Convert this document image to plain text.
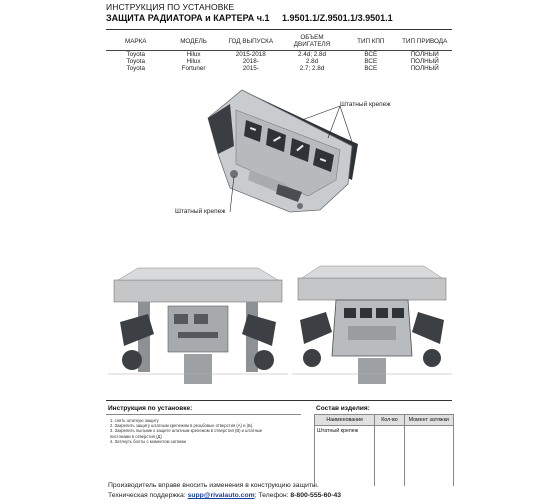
ИНСТРУКЦИЯ ПО УСТАНОВКЕ
ЗАЩИТА РАДИАТОРА и КАРТЕРА ч.1 1.9501.1/Z.9501.1/3.9501.1
МАРКА	МОДЕЛЬ	ГОД ВЫПУСКА	ОБЪЕМ ДВИГАТЕЛЯ	ТИП КПП	ТИП ПРИВОДА
Toyota	Hilux	2015-2018	2.4d; 2.8d	ВСЕ	ПОЛНЫЙ
Toyota	Hilux	2018-	2.8d	ВСЕ	ПОЛНЫЙ
Toyota	Fortuner	2015-	2.7; 2.8d	ВСЕ	ПОЛНЫЙ
Штатный крепеж
Штатный крепеж
Инструкция по установке:
1. снять штатную защиту
2. Закрепить защиту штатным крепежом в резьбовые отверстия (А) и (Б).
3. Закрепить пыльник к защите штатным крепежом в отверстия (В) и штатные
пистонами в отверстия (Д)
4. Затянуть болты с моментом затяжки
Состав изделия:
Наименование	Кол-во	Момент затяжки
Штатный крепеж		

Производитель вправе вносить изменения в конструкцию защиты.
Техническая поддержка: supp@rivalauto.com; Телефон: 8-800-555-60-43
